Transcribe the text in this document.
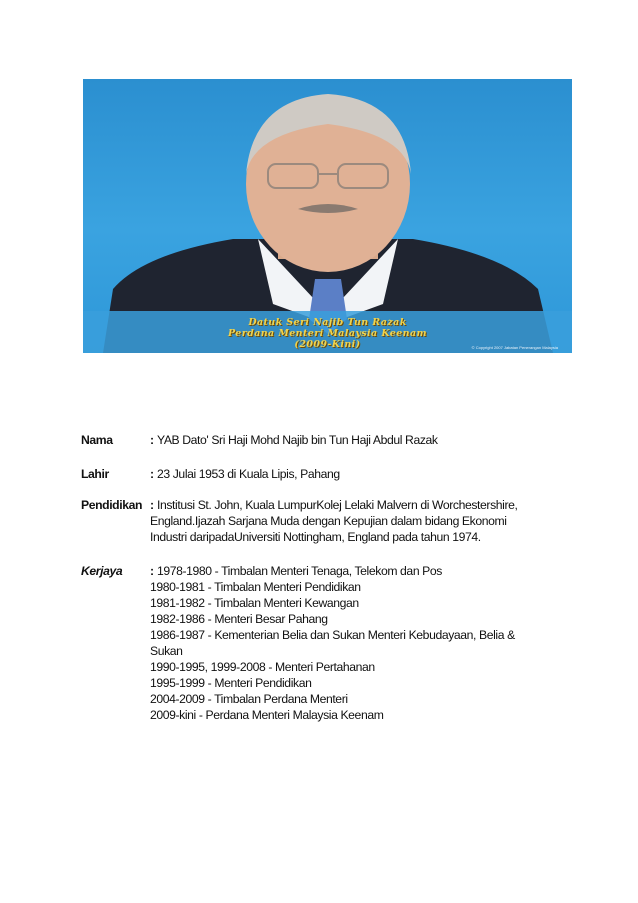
Datuk Seri Najib Tun Razak
Perdana Menteri Malaysia Keenam
(2009-Kini)	© Copyright 2007 Jabatan Penerangan Malaysia
Nama	: YAB Dato' Sri Haji Mohd Najib bin Tun Haji Abdul Razak
Lahir	: 23 Julai 1953 di Kuala Lipis, Pahang
Pendidikan : Institusi St. John, Kuala LumpurKolej Lelaki Malvern di Worchestershire,
England.Ijazah Sarjana Muda dengan Kepujian dalam bidang Ekonomi
Industri daripadaUniversiti Nottingham, England pada tahun 1974.
Kerjaya : 1978-1980 - Timbalan Menteri Tenaga, Telekom dan Pos
1980-1981 - Timbalan Menteri Pendidikan
1981-1982 - Timbalan Menteri Kewangan
1982-1986 - Menteri Besar Pahang
1986-1987 - Kementerian Belia dan Sukan Menteri Kebudayaan, Belia &
Sukan
1990-1995, 1999-2008 - Menteri Pertahanan
1995-1999 - Menteri Pendidikan
2004-2009 - Timbalan Perdana Menteri
2009-kini - Perdana Menteri Malaysia Keenam
